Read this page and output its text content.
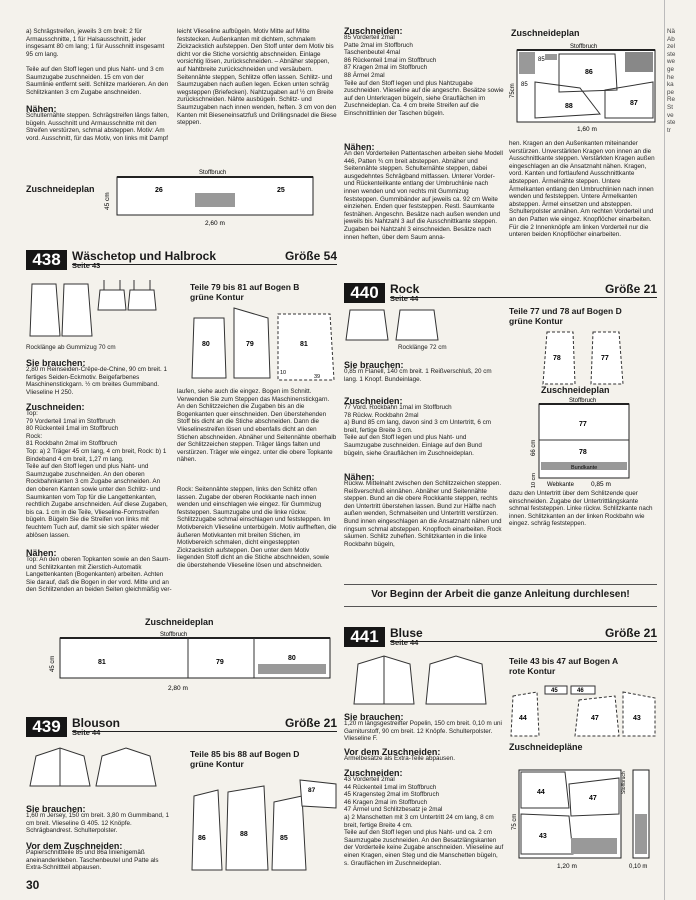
a) Schrägstreifen, jeweils 3 cm breit: 2 für Armausschnitte, 1 für Halsausschnitt, jeder insgesamt 80 cm lang; 1 für Ausschnitt insgesamt 95 cm lang.

Teile auf den Stoff legen und plus Naht- und 3 cm Saumzugabe zuschneiden. 15 cm von der Saumlinie entfernt seitl. Schlitze markieren. An den Schlitzkanten 3 cm Zugabe anschneiden.

Nähen:

Schulternähte steppen. Schrägstreifen längs falten, bügeln. Ausschnitt und Armausschnitte mit den Streifen verstürzen, schmal absteppen. Motiv: Am vord. Ausschnitt, für das Motiv, von links mit Dampf

leicht Vlieseline aufbügeln. Motiv Mitte auf Mitte feststecken. Außenkanten mit dichtem, schmalem Zickzackstich aufsteppen. Den Stoff unter dem Motiv bis dicht vor die Stiche vorsichtig abschneiden. Einlage vorsichtig lösen, zurückschneiden. – Abnäher steppen, auf Nahtbreite zurückschneiden und versäubern. Seitennähte steppen, Schlitze offen lassen. Schlitz- und Saumzugaben nach außen legen. Ecken unten schräg wegsteppen (Briefecken). Nahtzugaben auf ½ cm Breite zurückschneiden. Nähte ausbügeln. Schlitz- und Saumzugaben nach innen wenden, heften. 3 cm von den Kanten mit Bieseneinsatzfuß und Drillingsnadel die Biese steppen.

Zuschneideplan	26	25
Stoffbruch
2,60 m
45 cm
Zuschneiden:

85 Vorderteil 2mal
Patte 2mal im Stoffbruch
Taschenbeutel 4mal
86 Rückenteil 1mal im Stoffbruch
87 Kragen 2mal im Stoffbruch
88 Ärmel 2mal
Teile auf den Stoff legen und plus Nahtzugabe zuschneiden. Vlieseline auf die angeschn. Besätze sowie auf den Unterkragen bügeln, siehe Grauflächen im Zuschneideplan. Ca. 4 cm breite Streifen auf die Einschnittlinien der Taschen bügeln.

Nähen:

An den Vorderteilen Pattentaschen arbeiten siehe Modell 446, Patten ¾ cm breit absteppen. Abnäher und Seitennähte steppen. Schulternähte steppen, dabei ausgedehntes Schrägband mitfassen. Unterer Vorder- und Rückenteilkante entlang der Umbruchlinie nach innen wenden und von rechts mit Gummizug feststeppen. Gummibänder auf jeweils ca. 92 cm Weite einziehen. Enden quer feststeppen. Restl. Saumkante festnähen. Angeschn. Besätze nach außen wenden und jeweils bis Nahtzahl 3 auf die Ausschnittkante steppen. Zugaben bei Nahtzahl 3 einschneiden. Besätze nach innen heften, über dem Saum anna-

Zuschneideplan
85
85
86
88	87
Stoffbruch
1,60 m
75cm

hen. Kragen an den Außenkanten miteinander verstürzen. Unverstärkten Kragen von innen an die Ausschnittkante steppen. Verstärkten Kragen außen eingeschlagen an die Ansatznaht nähen. Kragen, vord. Kanten und fortlaufend Ausschnittkante absteppen. Ärmelnähte steppen. Untere Ärmelkanten entlang den Umbruchlinien nach innen wenden und feststeppen. Untere Ärmelkanten absteppen. Ärmel einsetzen und absteppen. Schulterpolster annähen. Am rechten Vorderteil und an den Patten wie eingez. Knopflöcher einarbeiten. Für die 2 Innenknöpfe am linken Vorderteil nur die unteren beiden Knopflöcher einarbeiten.

Nä
Ab
zel
ste
we
ge
he
ka
pe
Re
St
ve
ste
tr

438 Wäschetop und Halbrock
Seite 43
Größe 54
Rocklänge ab Gummizug 70 cm
Teile 79 bis 81 auf Bogen B
grüne Kontur
80	79	81
10
39
Sie brauchen:

2,80 m Reinseiden-Crêpe-de-Chine, 90 cm breit. 1 fertiges Seiden-Eckmotiv. Beigefarbenes Maschinenstickgarn. ½ cm breites Gummiband. Vlieseline H 250.

Zuschneiden:

Top:
79 Vorderteil 1mal im Stoffbruch
80 Rückenteil 1mal im Stoffbruch
Rock:
81 Rockbahn 2mal im Stoffbruch
Top: a) 2 Träger 45 cm lang, 4 cm breit, Rock: b) 1 Bindeband 4 cm breit, 1,27 m lang.
Teile auf den Stoff legen und plus Naht- und Saumzugabe zuschneiden. An den oberen Rockbahnkanten 3 cm Zugabe anschneiden. An den oberen Kanten sowie unter den Schlitz- und Saumkanten vom Top für die Langettenkanten, rechtlich Zugabe anschneiden. Auf diese Zugaben, bis ca. 1 cm in die Teile, Vlieseline-Formstreifen bügeln. Bügeln Sie die Streifen von links mit feuchtem Tuch auf, damit sie sich später wieder ablösen lassen.

Nähen:

Top: An den oberen Topkanten sowie an den Saum- und Schlitzkanten mit Zierstich-Automatik Langettenkanten (Bogenkanten) arbeiten. Achten Sie darauf, daß die Bogen in der vord. Mitte und an den Schlitzenden an beiden Seiten gleichmäßig ver-

laufen, siehe auch die eingez. Bogen im Schnitt. Verwenden Sie zum Steppen das Maschinenstickgarn. An den Schlitzzeichen die Zugaben bis an die Bogenkanten quer einschneiden. Den überstehenden Stoff bis dicht an die Stiche abschneiden. Dann die Vlieselinestreifen lösen und ebenfalls dicht an den Stichen abschneiden. Abnäher und Seitennähte oberhalb der Schlitzzeichen steppen. Träger längs falten und verstürzen. Träger wie eingez. unter die obere Topkante nähen.

Rock: Seitennähte steppen, links den Schlitz offen lassen. Zugabe der oberen Rockkante nach innen wenden und einschlagen wie eingez. für Gummizug feststeppen. Saumzugabe und die linke rückw. Schlitzzugabe schmal einschlagen und feststeppen. Im Motivbereich Vlieseline unterbügeln. Motiv auffheften, die äußeren Motivkanten mit breiten Stichen, im Motivbereich schmalen, dicht eingesteppten Zickzackstich aufsteppen. Den unter dem Motiv liegenden Stoff dicht an die Stiche abschneiden, sowie die überstehende Vlieseline lösen und abschneiden.

Zuschneideplan
81	79
80
Stoffbruch
2,80 m
45 cm
439 Blouson
Seite 44
Größe 21
Sie brauchen:

1,60 m Jersey, 150 cm breit. 3,80 m Gummiband, 1 cm breit. Vlieseline G 405. 12 Knöpfe. Schrägbandrest. Schulterpolster.

Vor dem Zuschneiden:

Papierschnittteile 85 und 86a linienigemäß aneinanderkleben. Taschenbeutel und Patte als Extra-Schnittteil abpausen.

Teile 85 bis 88 auf Bogen D
grüne Kontur
86
88
85
87
30
440 Rock
Seite 44
Größe 21
Rocklänge 72 cm
Sie brauchen:

0,85 m Flanell, 140 cm breit. 1 Reißverschluß, 20 cm lang. 1 Knopf. Bundeinlage.

Zuschneiden:

77 Vord. Rockbahn 1mal im Stoffbruch
78 Rückw. Rockbahn 2mal
a) Bund 85 cm lang, davon sind 3 cm Untertritt, 6 cm breit, fertige Breite 3 cm.
Teile auf den Stoff legen und plus Naht- und Saumzugabe zuschneiden. Einlage auf den Bund bügeln, siehe Grauflächen im Zuschneideplan.

Nähen:

Rückw. Mittelnaht zwischen den Schlitzzeichen steppen. Reißverschluß einnähen. Abnäher und Seitennähte steppen. Bund an die obere Rockkante steppen, rechts den Untertritt überstehen lassen. Bund zur Hälfte nach außen wenden, Schmalseiten und Untertritt verstürzen. Bund innen eingeschlagen an die Ansatznaht nähen und ringsum schmal absteppen. Knopfloch einarbeiten. Rock säumen. Schlitz zuheften. Schlitzkanten in die linke Rockbahn bügeln,

Teile 77 und 78 auf Bogen D
grüne Kontur
78	77
Zuschneideplan
77
78
Bundkante
Stoffbruch
Webkante	0,85 m
66 cm
10 cm

dazu den Untertritt über dem Schlitzende quer einschneiden. Zugabe der Untertrittlängskante schmal feststeppen. Linke rückw. Schlitzkante nach innen. Schlitzkanten an der linken Rockbahn wie eingez. schräg feststeppen.

Vor Beginn der Arbeit die ganze Anleitung durchlesen!
441 Bluse
Seite 44
Größe 21
Sie brauchen:

1,20 m längsgestreifter Popelin, 150 cm breit. 0,10 m uni Garniturstoff, 90 cm breit. 12 Knöpfe. Schulterpolster. Vlieseline F.

Vor dem Zuschneiden:

Ärmelbesätze als Extra-Teile abpausen.

Zuschneiden:

43 Vorderteil 2mal
44 Rückenteil 1mal im Stoffbruch
45 Kragensteg 2mal im Stoffbruch
46 Kragen 2mal im Stoffbruch
47 Ärmel und Schlitzbesatz je 2mal
a) 2 Manschetten mit 3 cm Untertritt 24 cm lang, 8 cm breit, fertige Breite 4 cm.
Teile auf den Stoff legen und plus Naht- und ca. 2 cm Saumzugabe zuschneiden. An den Besatzlängskanten der Vorderteile keine Zugabe anschneiden. Vlieseline auf einen Kragen, einen Steg und die Manschetten bügeln, s. Grauflächen im Zuschneideplan.

Teile 43 bis 47 auf Bogen A
rote Kontur
45	46
44	47	43
Zuschneidepläne
44
47
43
Stoffbruch
1,20 m
75 cm
0,10 m
